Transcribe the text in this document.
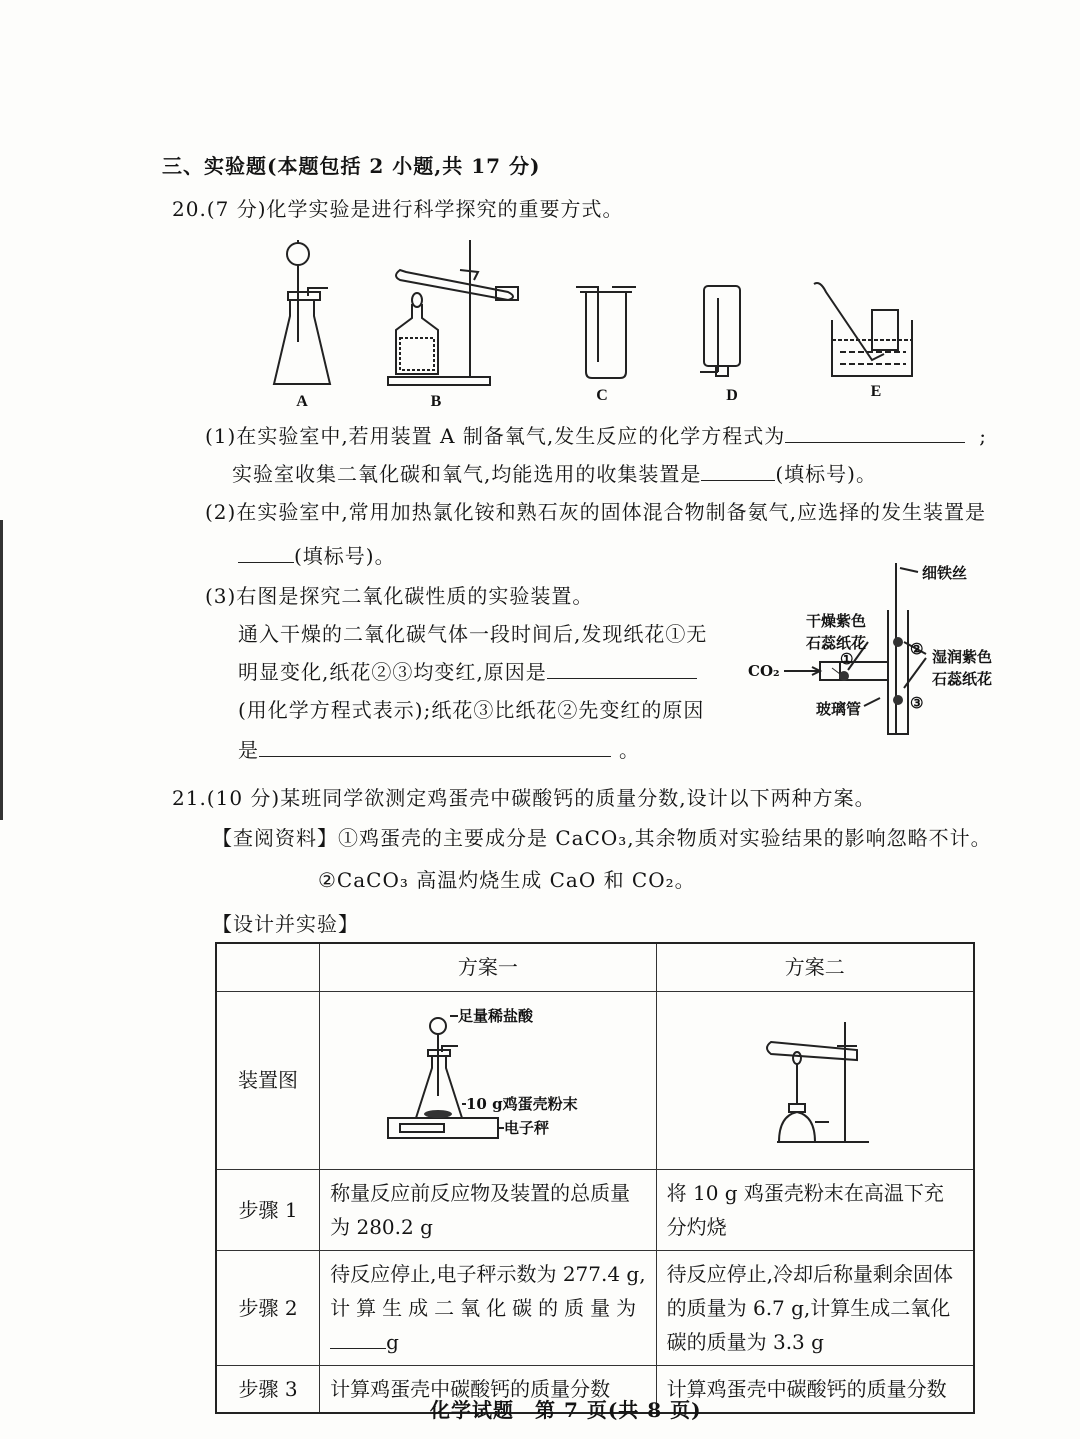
三、实验题(本题包括 2 小题,共 17 分)
20.(7 分)化学实验是进行科学探究的重要方式。
A	B	C	D	E
(1)在实验室中,若用装置 A 制备氧气,发生反应的化学方程式为	;
实验室收集二氧化碳和氧气,均能选用的收集装置是	(填标号)。
(2)在实验室中,常用加热氯化铵和熟石灰的固体混合物制备氨气,应选择的发生装置是
(填标号)。
(3)右图是探究二氧化碳性质的实验装置。
通入干燥的二氧化碳气体一段时间后,发现纸花①无
明显变化,纸花②③均变红,原因是
(用化学方程式表示);纸花③比纸花②先变红的原因
是	。
细铁丝
干燥紫色
石蕊纸花
①
②
③
湿润紫色
石蕊纸花
CO₂
玻璃管
21.(10 分)某班同学欲测定鸡蛋壳中碳酸钙的质量分数,设计以下两种方案。
【查阅资料】①鸡蛋壳的主要成分是 CaCO₃,其余物质对实验结果的影响忽略不计。
②CaCO₃ 高温灼烧生成 CaO 和 CO₂。
【设计并实验】
	方案一	方案二
装置图	足量稀盐酸
10 g鸡蛋壳粉末
电子秤

步骤 1	称量反应前反应物及装置的总质量为 280.2 g	将 10 g 鸡蛋壳粉末在高温下充分灼烧
步骤 2	待反应停止,电子秤示数为 277.4 g,
计算生成二氧化碳的质量为
g	待反应停止,冷却后称量剩余固体的质量为 6.7 g,计算生成二氧化碳的质量为 3.3 g
步骤 3	计算鸡蛋壳中碳酸钙的质量分数	计算鸡蛋壳中碳酸钙的质量分数
化学试题　第 7 页(共 8 页)
